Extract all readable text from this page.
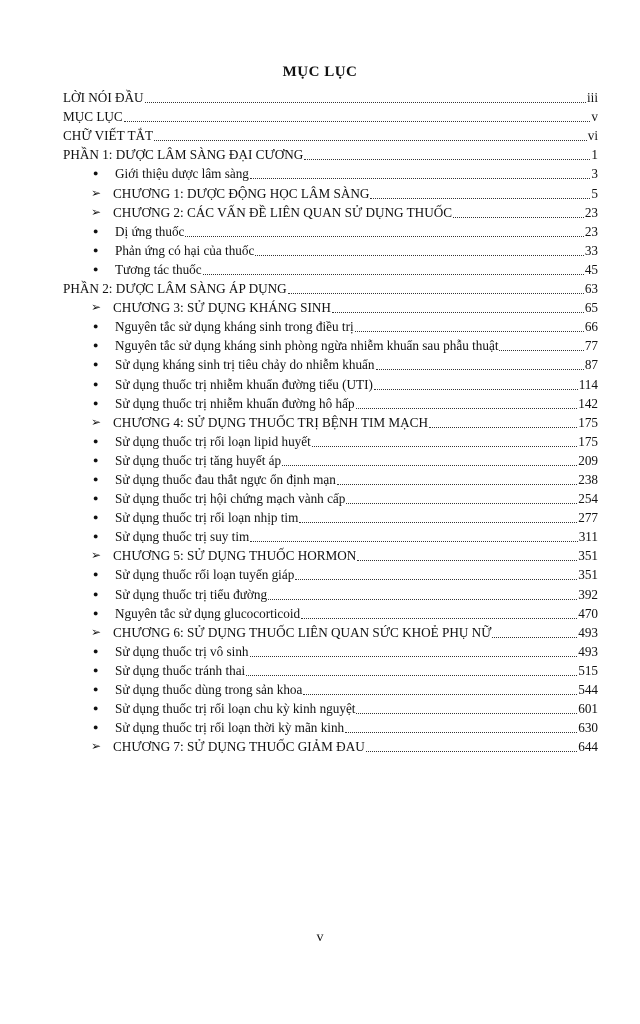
MỤC LỤC
LỜI NÓI ĐẦU	iii
MỤC LỤC	v
CHỮ VIẾT TẮT	vi
PHẦN 1: DƯỢC LÂM SÀNG ĐẠI CƯƠNG	1
●	Giới thiệu dược lâm sàng	3
➢ CHƯƠNG 1: DƯỢC ĐỘNG HỌC LÂM SÀNG	5
➢ CHƯƠNG 2: CÁC VẤN ĐỀ LIÊN QUAN SỬ DỤNG THUỐC	23
●	Dị ứng thuốc	23
●	Phản ứng có hại của thuốc	33
●	Tương tác thuốc	45
PHẦN 2: DƯỢC LÂM SÀNG ÁP DỤNG	63
➢ CHƯƠNG 3: SỬ DỤNG KHÁNG SINH	65
●	Nguyên tắc sử dụng kháng sinh trong điều trị	66
●	Nguyên tắc sử dụng kháng sinh phòng ngừa nhiễm khuẩn sau phẫu thuật	77
●	Sử dụng kháng sinh trị tiêu chảy do nhiễm khuẩn	87
●	Sử dụng thuốc trị nhiễm khuẩn đường tiểu (UTI)	114
●	Sử dụng thuốc trị nhiễm khuẩn đường hô hấp	142
➢ CHƯƠNG 4: SỬ DỤNG THUỐC TRỊ BỆNH TIM MẠCH	175
●	Sử dụng thuốc trị rối loạn lipid huyết	175
●	Sử dụng thuốc trị tăng huyết áp	209
●	Sử dụng thuốc đau thắt ngực ổn định mạn	238
●	Sử dụng thuốc trị hội chứng mạch vành cấp	254
●	Sử dụng thuốc trị rối loạn nhịp tim	277
●	Sử dụng thuốc trị suy tim	311
➢ CHƯƠNG 5: SỬ DỤNG THUỐC HORMON	351
●	Sử dụng thuốc rối loạn tuyến giáp	351
●	Sử dụng thuốc trị tiểu đường	392
●	Nguyên tắc sử dụng glucocorticoid	470
➢ CHƯƠNG 6: SỬ DỤNG THUỐC LIÊN QUAN SỨC KHOẺ PHỤ NỮ	493
●	Sử dụng thuốc trị vô sinh	493
●	Sử dụng thuốc tránh thai	515
●	Sử dụng thuốc dùng trong sản khoa	544
●	Sử dụng thuốc trị rối loạn chu kỳ kinh nguyệt	601
●	Sử dụng thuốc trị rối loạn thời kỳ mãn kinh	630
➢ CHƯƠNG 7: SỬ DỤNG THUỐC GIẢM ĐAU	644
v
